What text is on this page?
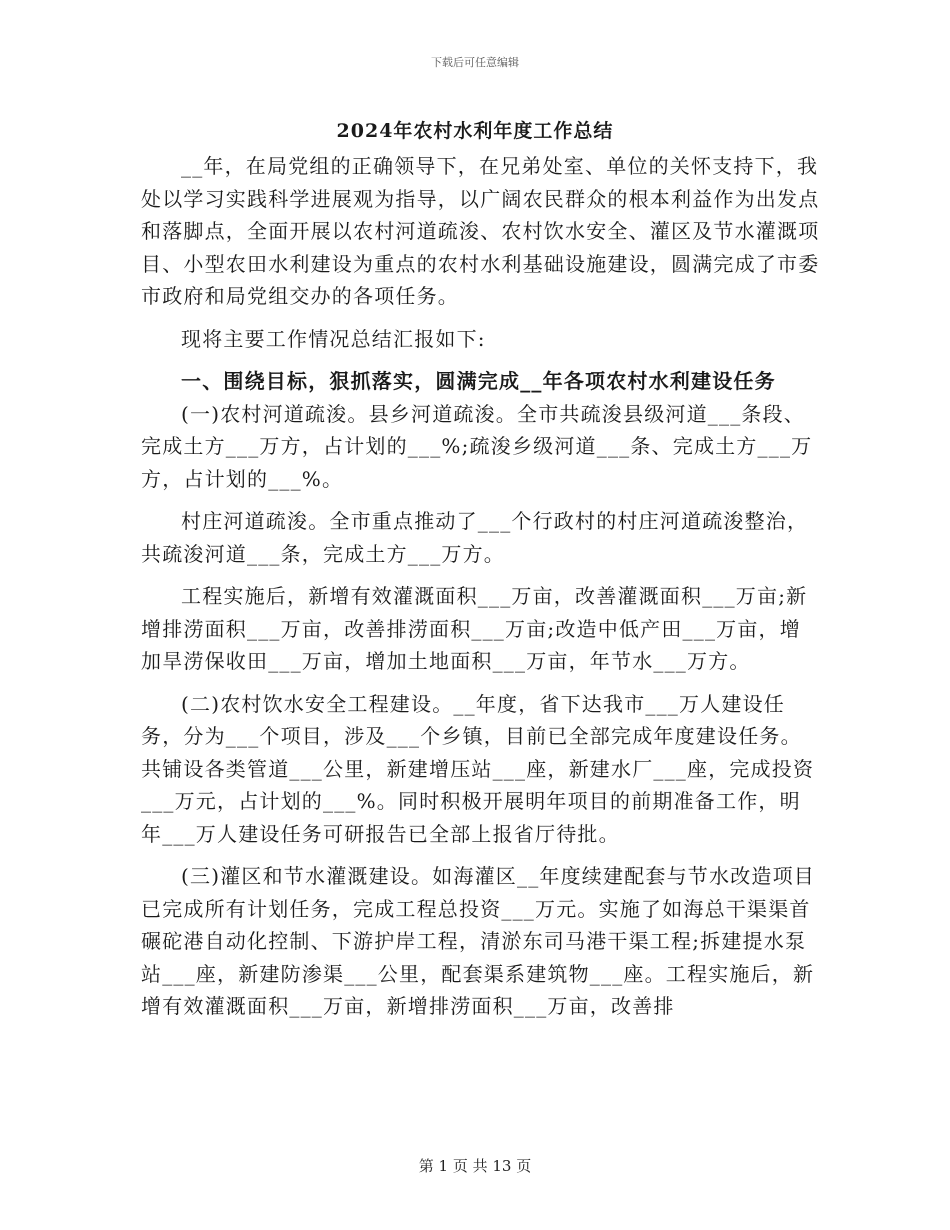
下载后可任意编辑
2024年农村水利年度工作总结

__年，在局党组的正确领导下，在兄弟处室、单位的关怀支持下，我处以学习实践科学进展观为指导，以广阔农民群众的根本利益作为出发点和落脚点，全面开展以农村河道疏浚、农村饮水安全、灌区及节水灌溉项目、小型农田水利建设为重点的农村水利基础设施建设，圆满完成了市委市政府和局党组交办的各项任务。

现将主要工作情况总结汇报如下:

一、围绕目标，狠抓落实，圆满完成__年各项农村水利建设任务

(一)农村河道疏浚。县乡河道疏浚。全市共疏浚县级河道___条段、完成土方___万方，占计划的___%;疏浚乡级河道___条、完成土方___万方，占计划的___%。

村庄河道疏浚。全市重点推动了___个行政村的村庄河道疏浚整治，共疏浚河道___条，完成土方___万方。

工程实施后，新增有效灌溉面积___万亩，改善灌溉面积___万亩;新增排涝面积___万亩，改善排涝面积___万亩;改造中低产田___万亩，增加旱涝保收田___万亩，增加土地面积___万亩，年节水___万方。

(二)农村饮水安全工程建设。__年度，省下达我市___万人建设任务，分为___个项目，涉及___个乡镇，目前已全部完成年度建设任务。共铺设各类管道___公里，新建增压站___座，新建水厂___座，完成投资___万元，占计划的___%。同时积极开展明年项目的前期准备工作，明年___万人建设任务可研报告已全部上报省厅待批。

(三)灌区和节水灌溉建设。如海灌区__年度续建配套与节水改造项目已完成所有计划任务，完成工程总投资___万元。实施了如海总干渠渠首碾砣港自动化控制、下游护岸工程，清淤东司马港干渠工程;拆建提水泵站___座，新建防渗渠___公里，配套渠系建筑物___座。工程实施后，新增有效灌溉面积___万亩，新增排涝面积___万亩，改善排

第 1 页 共 13 页
